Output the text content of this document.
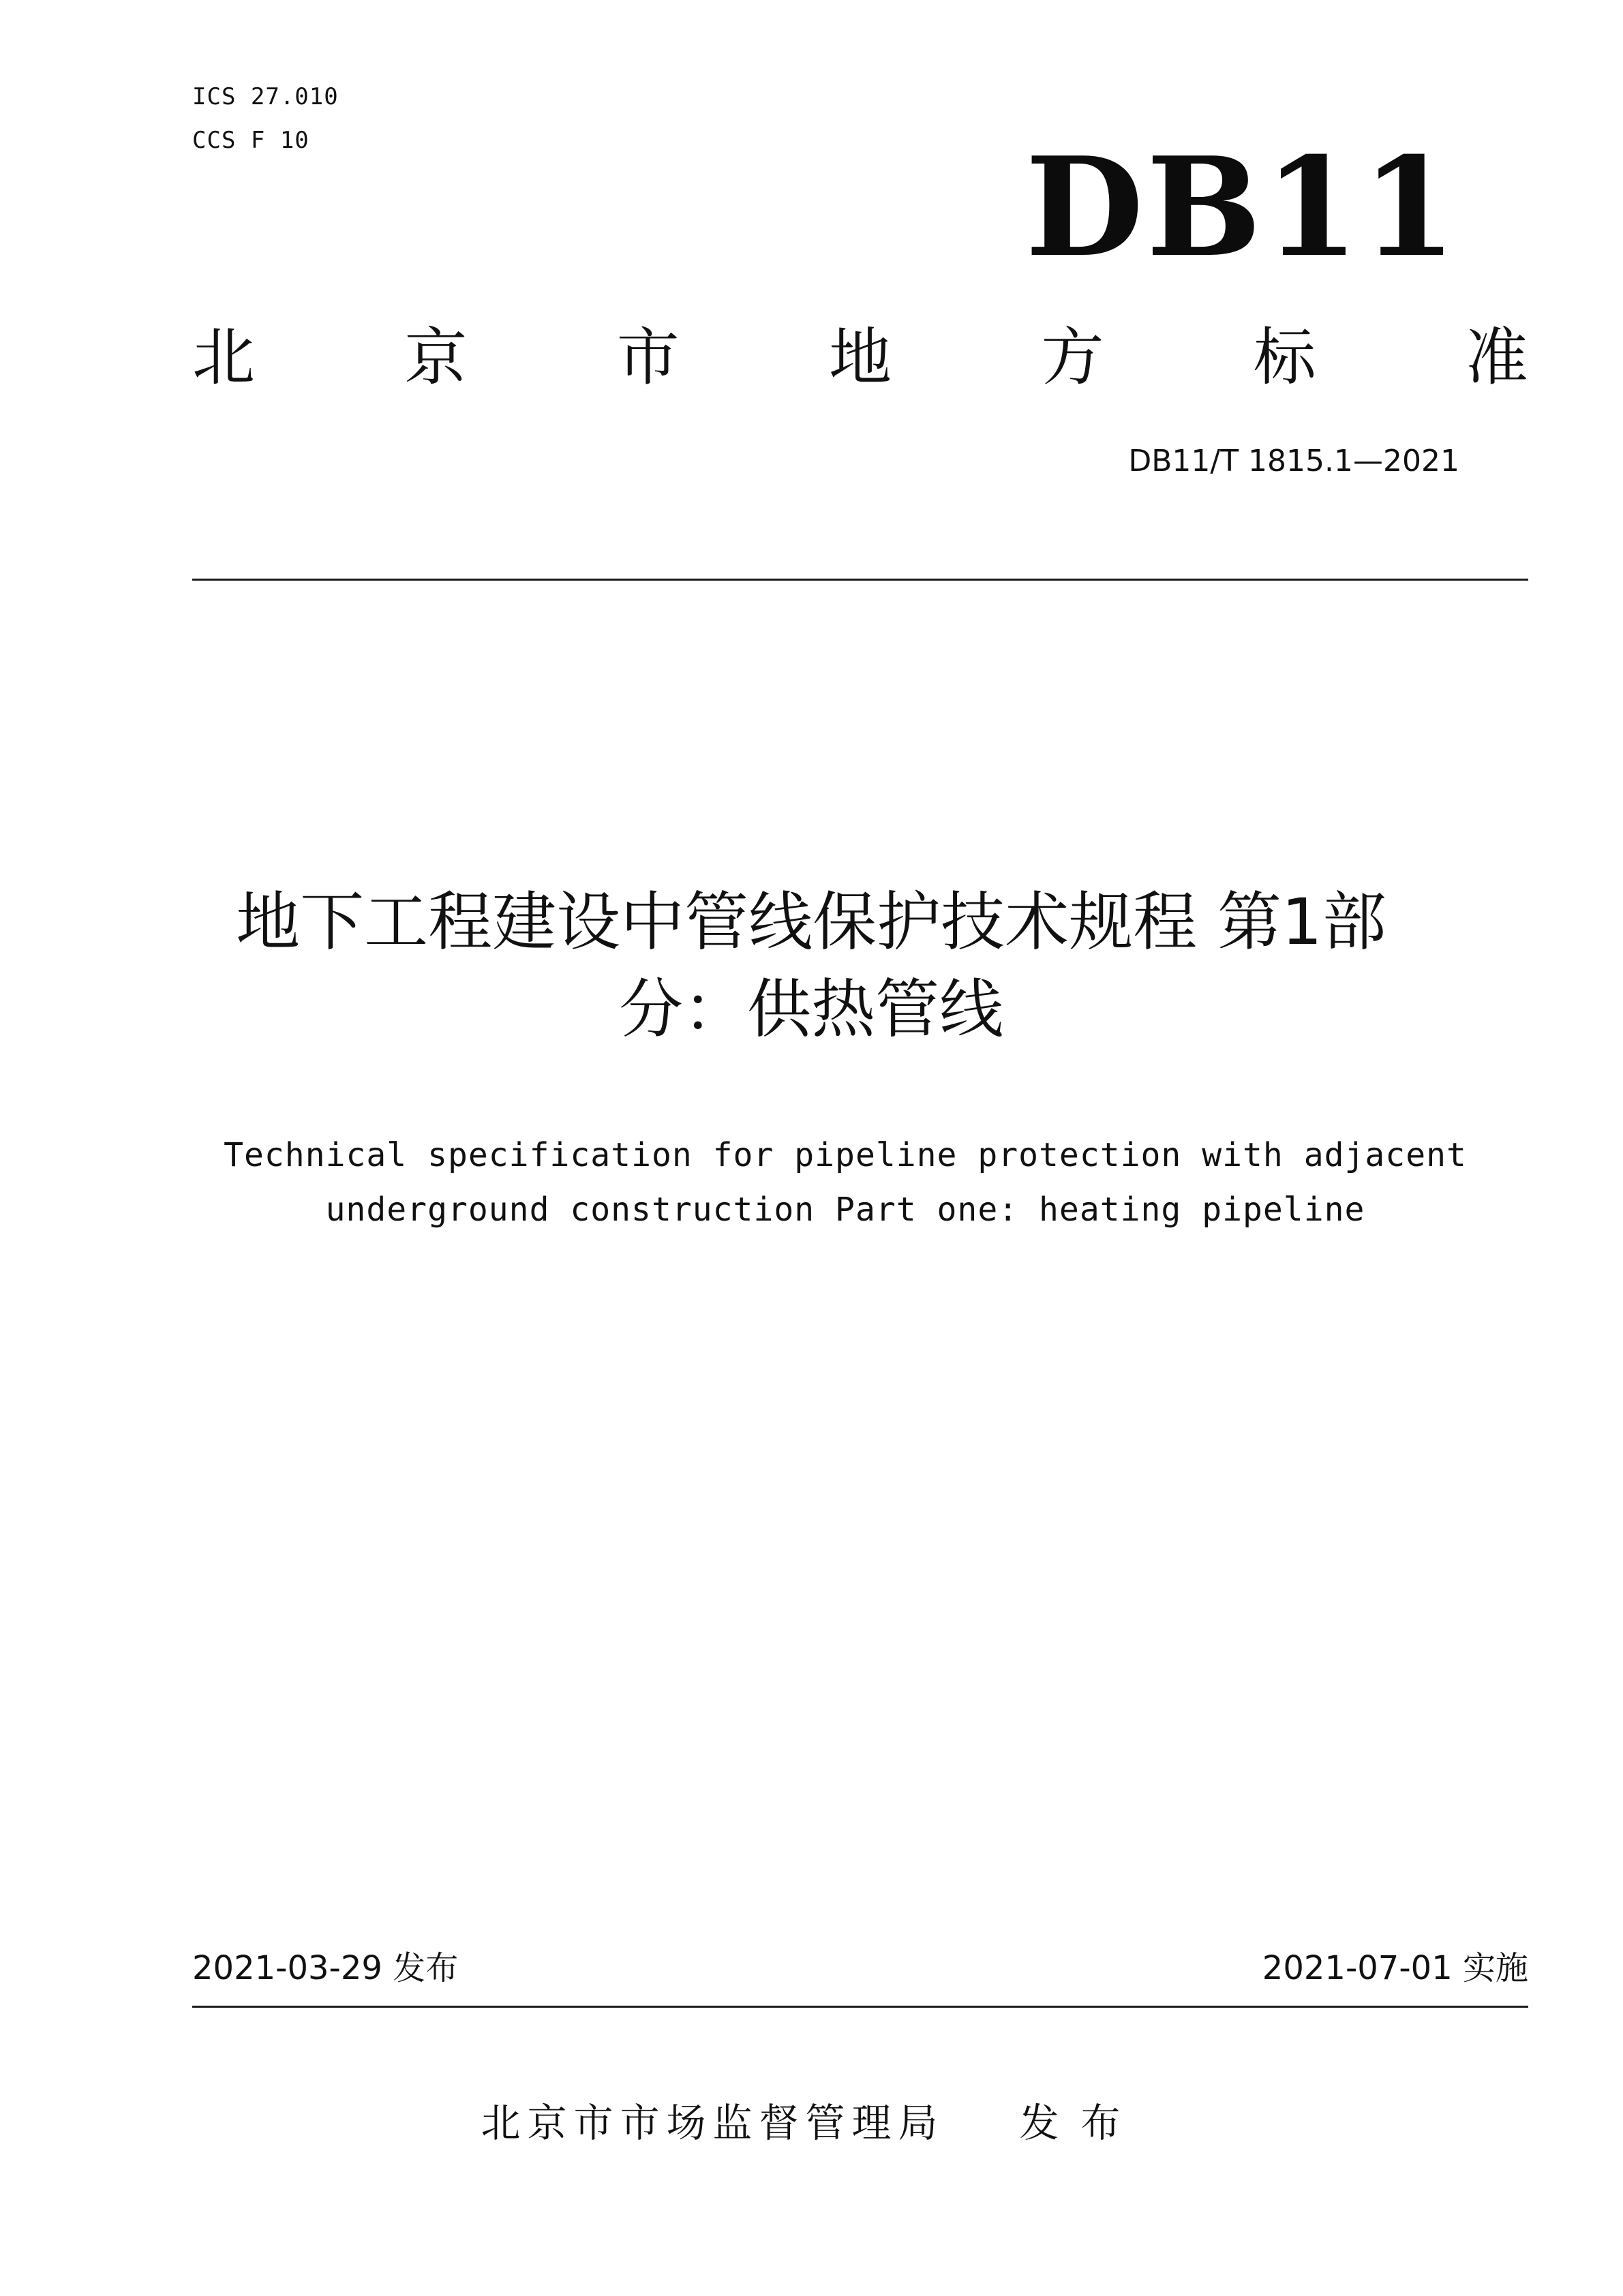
ICS 27.010
CCS F 10	DB11
北 京 市 地 方 标 准
DB11/T 1815.1—2021
地下工程建设中管线保护技术规程 第1部
分：供热管线
Technical specification for pipeline protection with adjacent
underground construction Part one: heating pipeline
2021-03-29 发布	2021-07-01 实施
北京市市场监督管理局 发布
